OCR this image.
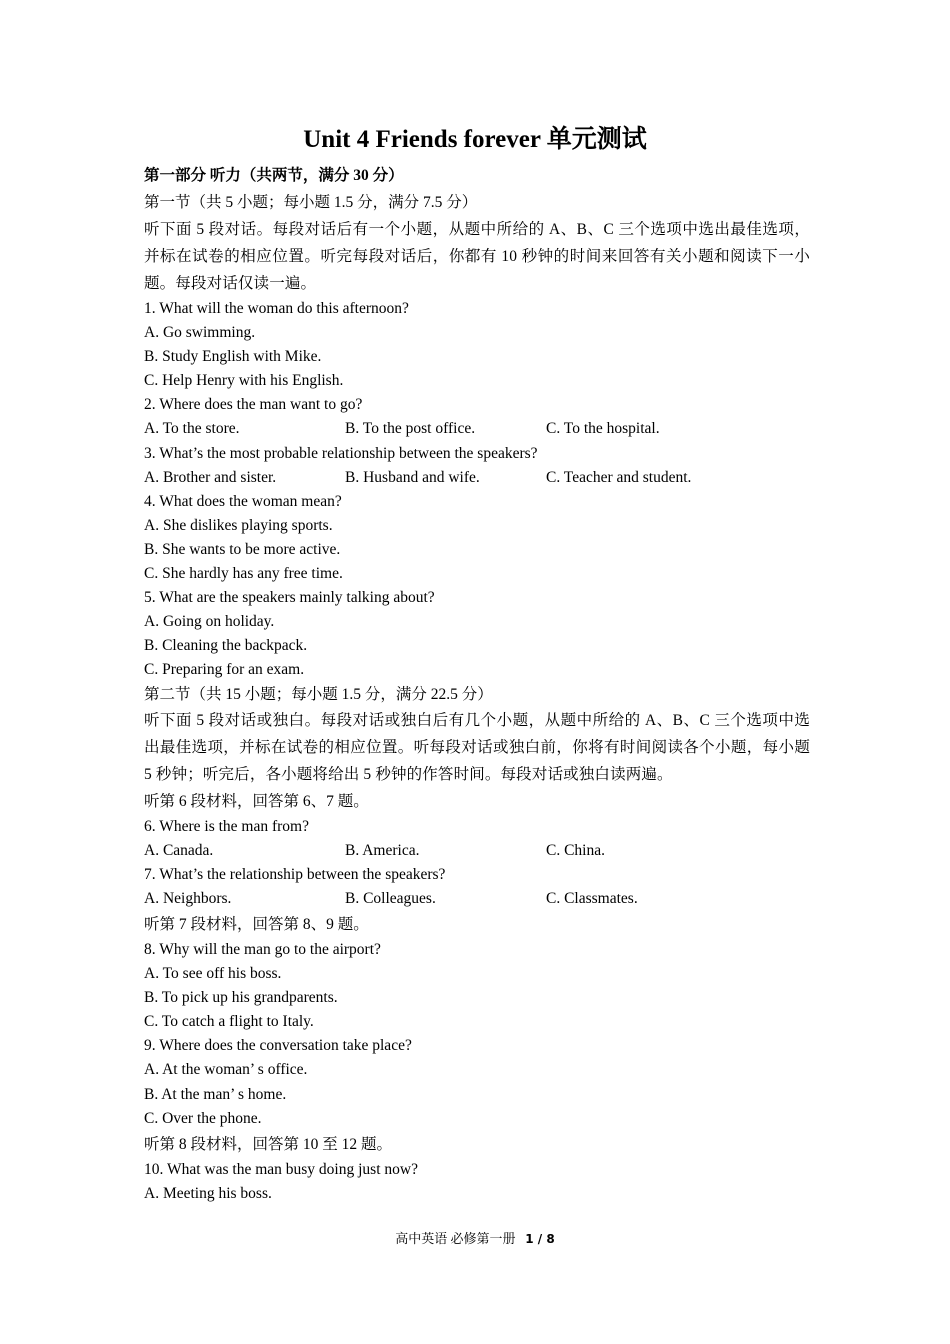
Unit 4 Friends forever 单元测试
第一部分 听力（共两节，满分 30 分）
第一节（共 5 小题；每小题 1.5 分，满分 7.5 分）
听下面 5 段对话。每段对话后有一个小题，从题中所给的 A、B、C 三个选项中选出最佳选项，并标在试卷的相应位置。听完每段对话后，你都有 10 秒钟的时间来回答有关小题和阅读下一小题。每段对话仅读一遍。
1. What will the woman do this afternoon?
A. Go swimming.
B. Study English with Mike.
C. Help Henry with his English.
2. Where does the man want to go?
A. To the store.	B. To the post office.	C. To the hospital.
3. What’s the most probable relationship between the speakers?
A. Brother and sister.	B. Husband and wife.	C. Teacher and student.
4. What does the woman mean?
A. She dislikes playing sports.
B. She wants to be more active.
C. She hardly has any free time.
5. What are the speakers mainly talking about?
A. Going on holiday.
B. Cleaning the backpack.
C. Preparing for an exam.
第二节（共 15 小题；每小题 1.5 分，满分 22.5 分）
听下面 5 段对话或独白。每段对话或独白后有几个小题，从题中所给的 A、B、C 三个选项中选出最佳选项，并标在试卷的相应位置。听每段对话或独白前，你将有时间阅读各个小题，每小题 5 秒钟；听完后，各小题将给出 5 秒钟的作答时间。每段对话或独白读两遍。
听第 6 段材料，回答第 6、7 题。
6. Where is the man from?
A. Canada.	B. America.	C. China.
7. What’s the relationship between the speakers?
A. Neighbors.	B. Colleagues.	C. Classmates.
听第 7 段材料，回答第 8、9 题。
8. Why will the man go to the airport?
A. To see off his boss.
B. To pick up his grandparents.
C. To catch a flight to Italy.
9. Where does the conversation take place?
A. At the woman’ s office.
B. At the man’ s home.
C. Over the phone.
听第 8 段材料，回答第 10 至 12 题。
10. What was the man busy doing just now?
A. Meeting his boss.
高中英语 必修第一册 1 / 8
